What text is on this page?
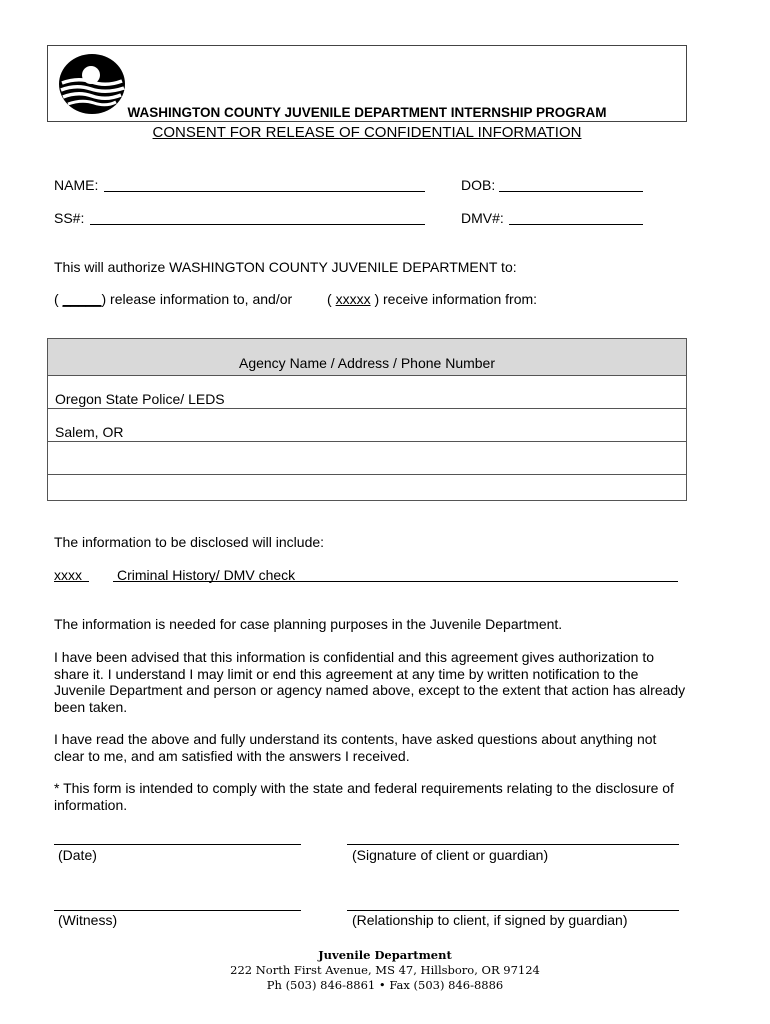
WASHINGTON COUNTY JUVENILE DEPARTMENT INTERNSHIP PROGRAM
CONSENT FOR RELEASE OF CONFIDENTIAL INFORMATION
NAME:	DOB:
SS#:	DMV#:
This will authorize WASHINGTON COUNTY JUVENILE DEPARTMENT to:
( _____) release information to, and/or ( xxxxx ) receive information from:
Agency Name / Address / Phone Number
Oregon State Police/ LEDS
Salem, OR
The information to be disclosed will include:
xxxx	Criminal History/ DMV check
The information is needed for case planning purposes in the Juvenile Department.
I have been advised that this information is confidential and this agreement gives authorization to share it. I understand I may limit or end this agreement at any time by written notification to the Juvenile Department and person or agency named above, except to the extent that action has already been taken.
I have read the above and fully understand its contents, have asked questions about anything not clear to me, and am satisfied with the answers I received.
* This form is intended to comply with the state and federal requirements relating to the disclosure of information.
(Date)	(Signature of client or guardian)
(Witness)	(Relationship to client, if signed by guardian)
Juvenile Department
222 North First Avenue, MS 47, Hillsboro, OR 97124
Ph (503) 846-8861 • Fax (503) 846-8886
